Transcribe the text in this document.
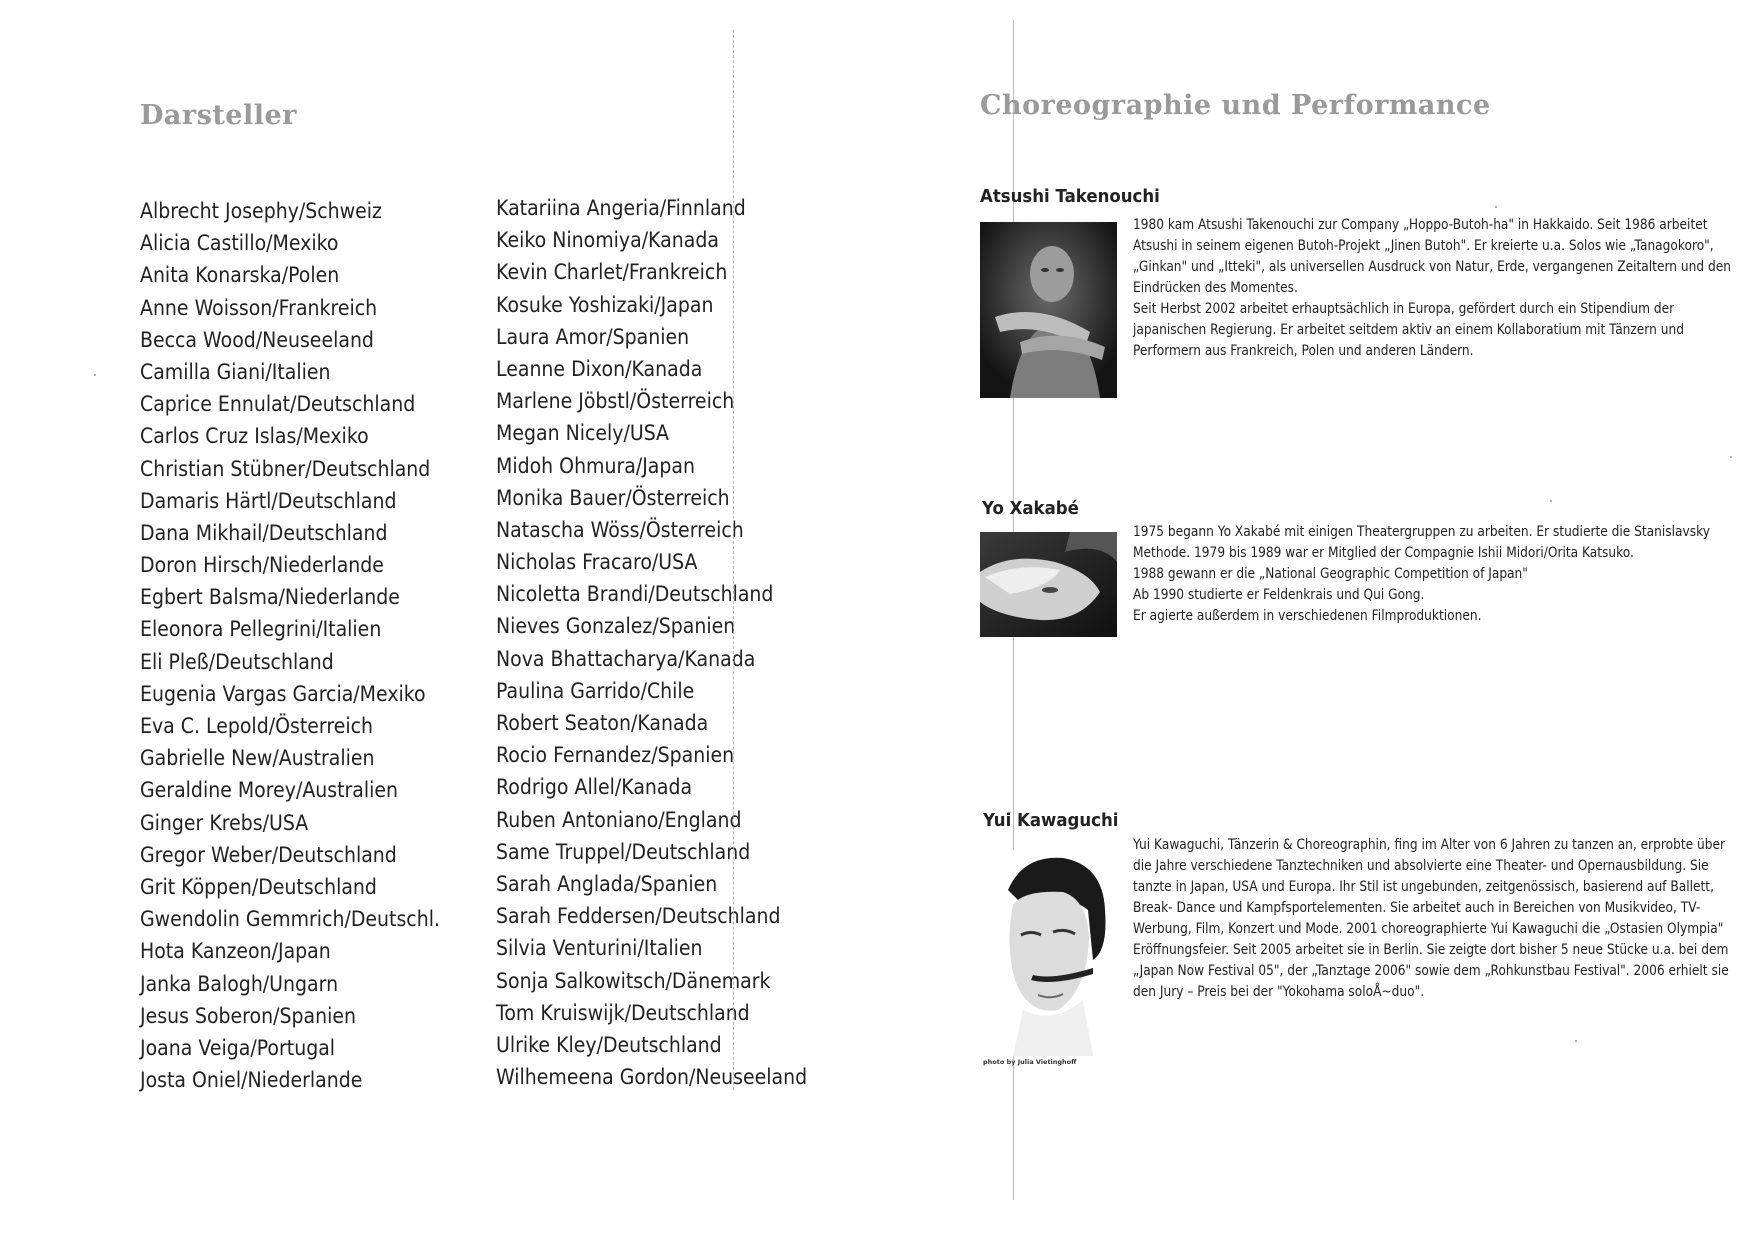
Darsteller
Albrecht Josephy/Schweiz
Alicia Castillo/Mexiko
Anita Konarska/Polen
Anne Woisson/Frankreich
Becca Wood/Neuseeland
Camilla Giani/Italien
Caprice Ennulat/Deutschland
Carlos Cruz Islas/Mexiko
Christian Stübner/Deutschland
Damaris Härtl/Deutschland
Dana Mikhail/Deutschland
Doron Hirsch/Niederlande
Egbert Balsma/Niederlande
Eleonora Pellegrini/Italien
Eli Pleß/Deutschland
Eugenia Vargas Garcia/Mexiko
Eva C. Lepold/Österreich
Gabrielle New/Australien
Geraldine Morey/Australien
Ginger Krebs/USA
Gregor Weber/Deutschland
Grit Köppen/Deutschland
Gwendolin Gemmrich/Deutschl.
Hota Kanzeon/Japan
Janka Balogh/Ungarn
Jesus Soberon/Spanien
Joana Veiga/Portugal
Josta Oniel/Niederlande
Katariina Angeria/Finnland
Keiko Ninomiya/Kanada
Kevin Charlet/Frankreich
Kosuke Yoshizaki/Japan
Laura Amor/Spanien
Leanne Dixon/Kanada
Marlene Jöbstl/Österreich
Megan Nicely/USA
Midoh Ohmura/Japan
Monika Bauer/Österreich
Natascha Wöss/Österreich
Nicholas Fracaro/USA
Nicoletta Brandi/Deutschland
Nieves Gonzalez/Spanien
Nova Bhattacharya/Kanada
Paulina Garrido/Chile
Robert Seaton/Kanada
Rocio Fernandez/Spanien
Rodrigo Allel/Kanada
Ruben Antoniano/England
Same Truppel/Deutschland
Sarah Anglada/Spanien
Sarah Feddersen/Deutschland
Silvia Venturini/Italien
Sonja Salkowitsch/Dänemark
Tom Kruiswijk/Deutschland
Ulrike Kley/Deutschland
Wilhemeena Gordon/Neuseeland
Choreographie und Performance
Atsushi Takenouchi

1980 kam Atsushi Takenouchi zur Company „Hoppo-Butoh-ha" in Hakkaido. Seit 1986 arbeitet Atsushi in seinem eigenen Butoh-Projekt „Jinen Butoh". Er kreierte u.a. Solos wie „Tanagokoro", „Ginkan" und „Itteki", als universellen Ausdruck von Natur, Erde, vergangenen Zeitaltern und den Eindrücken des Momentes.

Seit Herbst 2002 arbeitet erhauptsächlich in Europa, gefördert durch ein Stipendium der japanischen Regierung. Er arbeitet seitdem aktiv an einem Kollaboratium mit Tänzern und Performern aus Frankreich, Polen und anderen Ländern.

Yo Xakabé

1975 begann Yo Xakabé mit einigen Theatergruppen zu arbeiten. Er studierte die Stanislavsky Methode. 1979 bis 1989 war er Mitglied der Compagnie Ishii Midori/Orita Katsuko.

1988 gewann er die „National Geographic Competition of Japan"

Ab 1990 studierte er Feldenkrais und Qui Gong.

Er agierte außerdem in verschiedenen Filmproduktionen.

Yui Kawaguchi
photo by Julia Vietinghoff

Yui Kawaguchi, Tänzerin & Choreographin, fing im Alter von 6 Jahren zu tanzen an, erprobte über die Jahre verschiedene Tanztechniken und absolvierte eine Theater- und Opernausbildung. Sie tanzte in Japan, USA und Europa. Ihr Stil ist ungebunden, zeitgenössisch, basierend auf Ballett, Break- Dance und Kampfsportelementen. Sie arbeitet auch in Bereichen von Musikvideo, TV-Werbung, Film, Konzert und Mode. 2001 choreographierte Yui Kawaguchi die „Ostasien Olympia" Eröffnungsfeier. Seit 2005 arbeitet sie in Berlin. Sie zeigte dort bisher 5 neue Stücke u.a. bei dem „Japan Now Festival 05", der „Tanztage 2006" sowie dem „Rohkunstbau Festival". 2006 erhielt sie den Jury – Preis bei der "Yokohama soloÅ~duo".
